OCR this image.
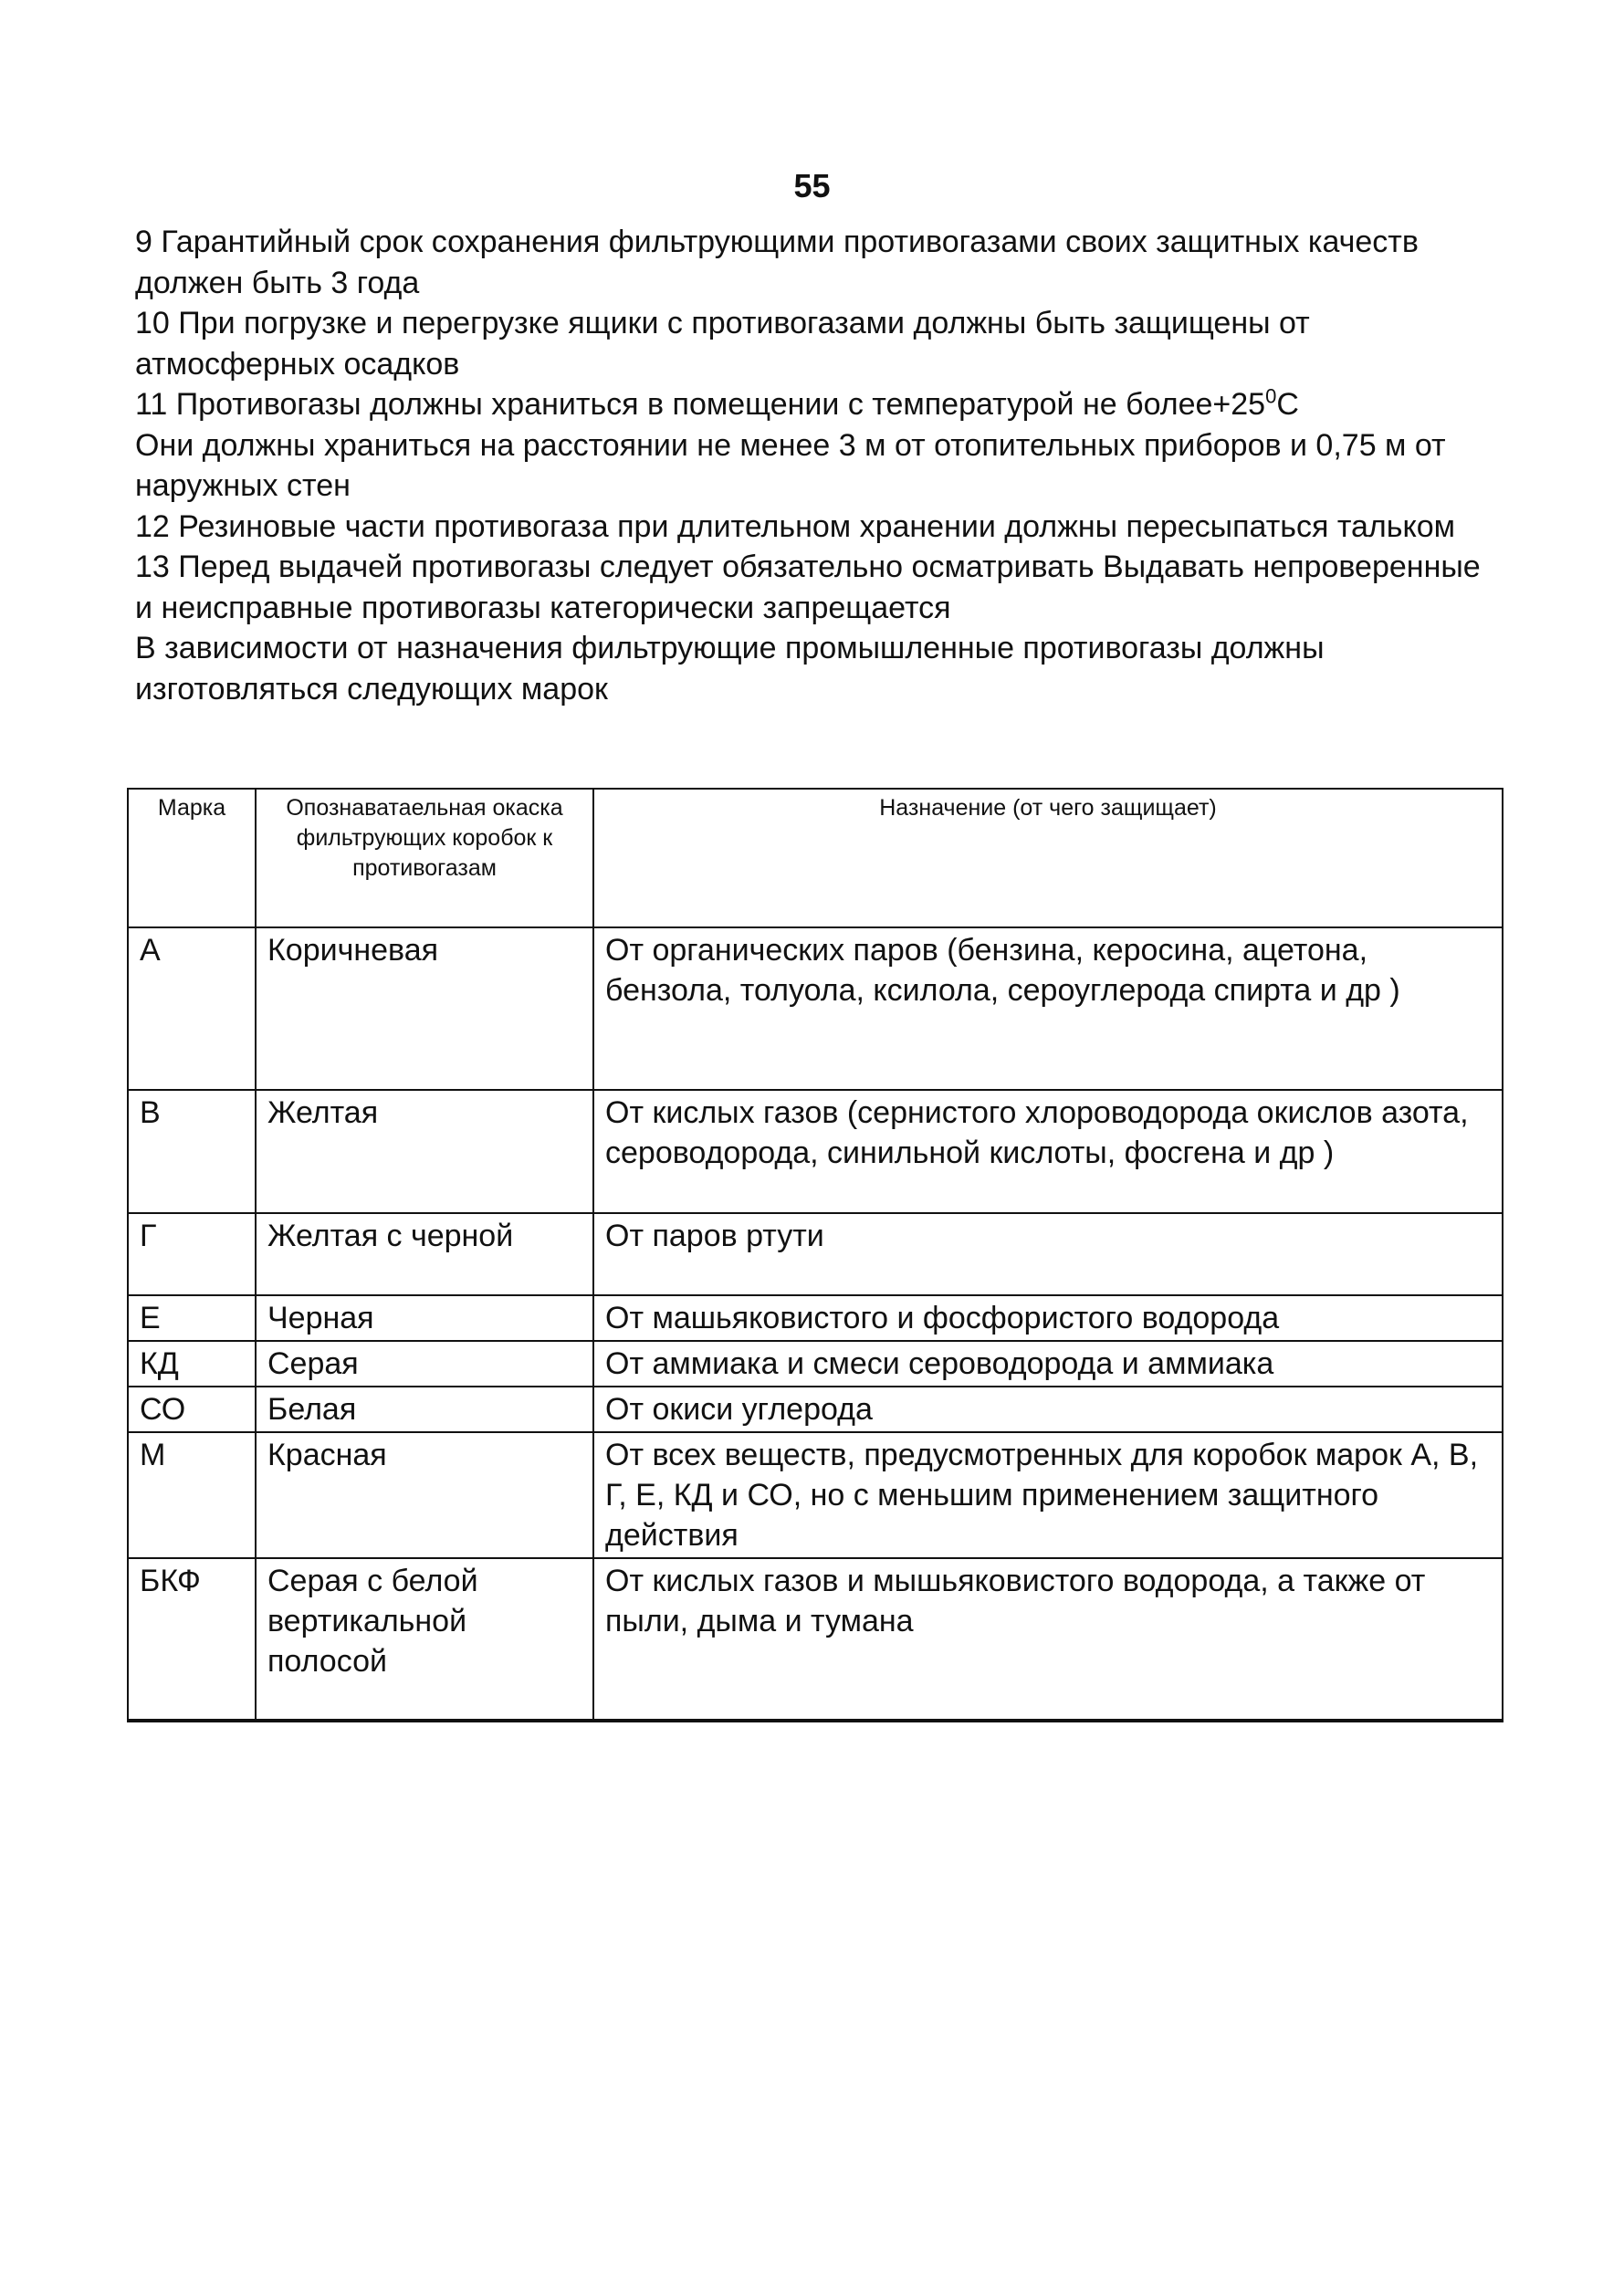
55

9 Гарантийный срок сохранения фильтрующими противогазами своих защитных качеств должен быть 3 года

10 При погрузке и перегрузке ящики с противогазами должны быть защищены от атмосферных осадков

11 Противогазы должны храниться в помещении с температурой не $более+25^0C$

Они должны храниться на расстоянии не менее 3 м от отопительных приборов и 0,75 м от наружных стен

12 Резиновые части противогаза при длительном хранении должны пересыпаться тальком

13 Перед выдачей противогазы следует обязательно осматривать Выдавать непроверенные и неисправные противогазы категорически запрещается

В зависимости от назначения фильтрующие промышленные противогазы должны изготовляться следующих марок

Марка	Опознаватаельная окаска фильтрующих коробок к противогазам	Назначение (от чего защищает)
А	Коричневая	От органических паров (бензина, керосина, ацетона, бензола, толуола, ксилола, сероуглерода спирта и др )
В	Желтая	От кислых газов (сернистого хлороводорода окислов азота, сероводорода, синильной кислоты, фосгена и др )
Г	Желтая с черной	От паров ртути
Е	Черная	От машьяковистого и фосфористого водорода
КД	Серая	От аммиака и смеси сероводорода и аммиака
СО	Белая	От окиси углерода
М	Красная	От всех веществ, предусмотренных для коробок марок А, В, Г, Е, КД и СО, но с меньшим применением защитного действия
БКФ	Серая с белой вертикальной полосой	От кислых газов и мышьяковистого водорода, а также от пыли, дыма и тумана
